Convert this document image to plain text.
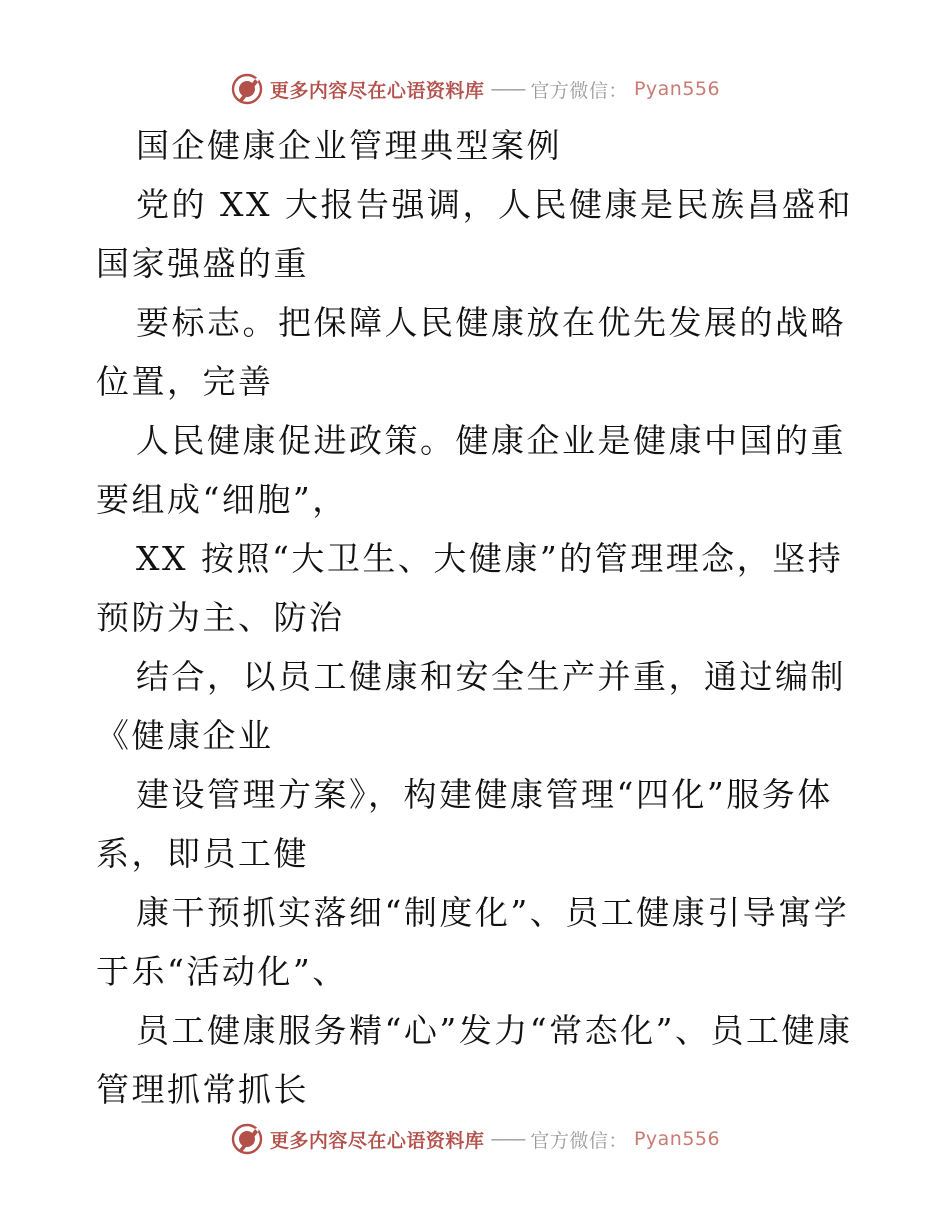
更多内容尽在心语资料库 —— 官方微信： Pyan556

国企健康企业管理典型案例

党的 XX 大报告强调，人民健康是民族昌盛和国家强盛的重

要标志。把保障人民健康放在优先发展的战略位置，完善

人民健康促进政策。健康企业是健康中国的重要组成“细胞”，

XX 按照“大卫生、大健康”的管理理念，坚持预防为主、防治

结合，以员工健康和安全生产并重，通过编制《健康企业

建设管理方案》，构建健康管理“四化”服务体系，即员工健

康干预抓实落细“制度化”、员工健康引导寓学于乐“活动化”、

员工健康服务精“心”发力“常态化”、员工健康管理抓常抓长

更多内容尽在心语资料库 —— 官方微信： Pyan556
